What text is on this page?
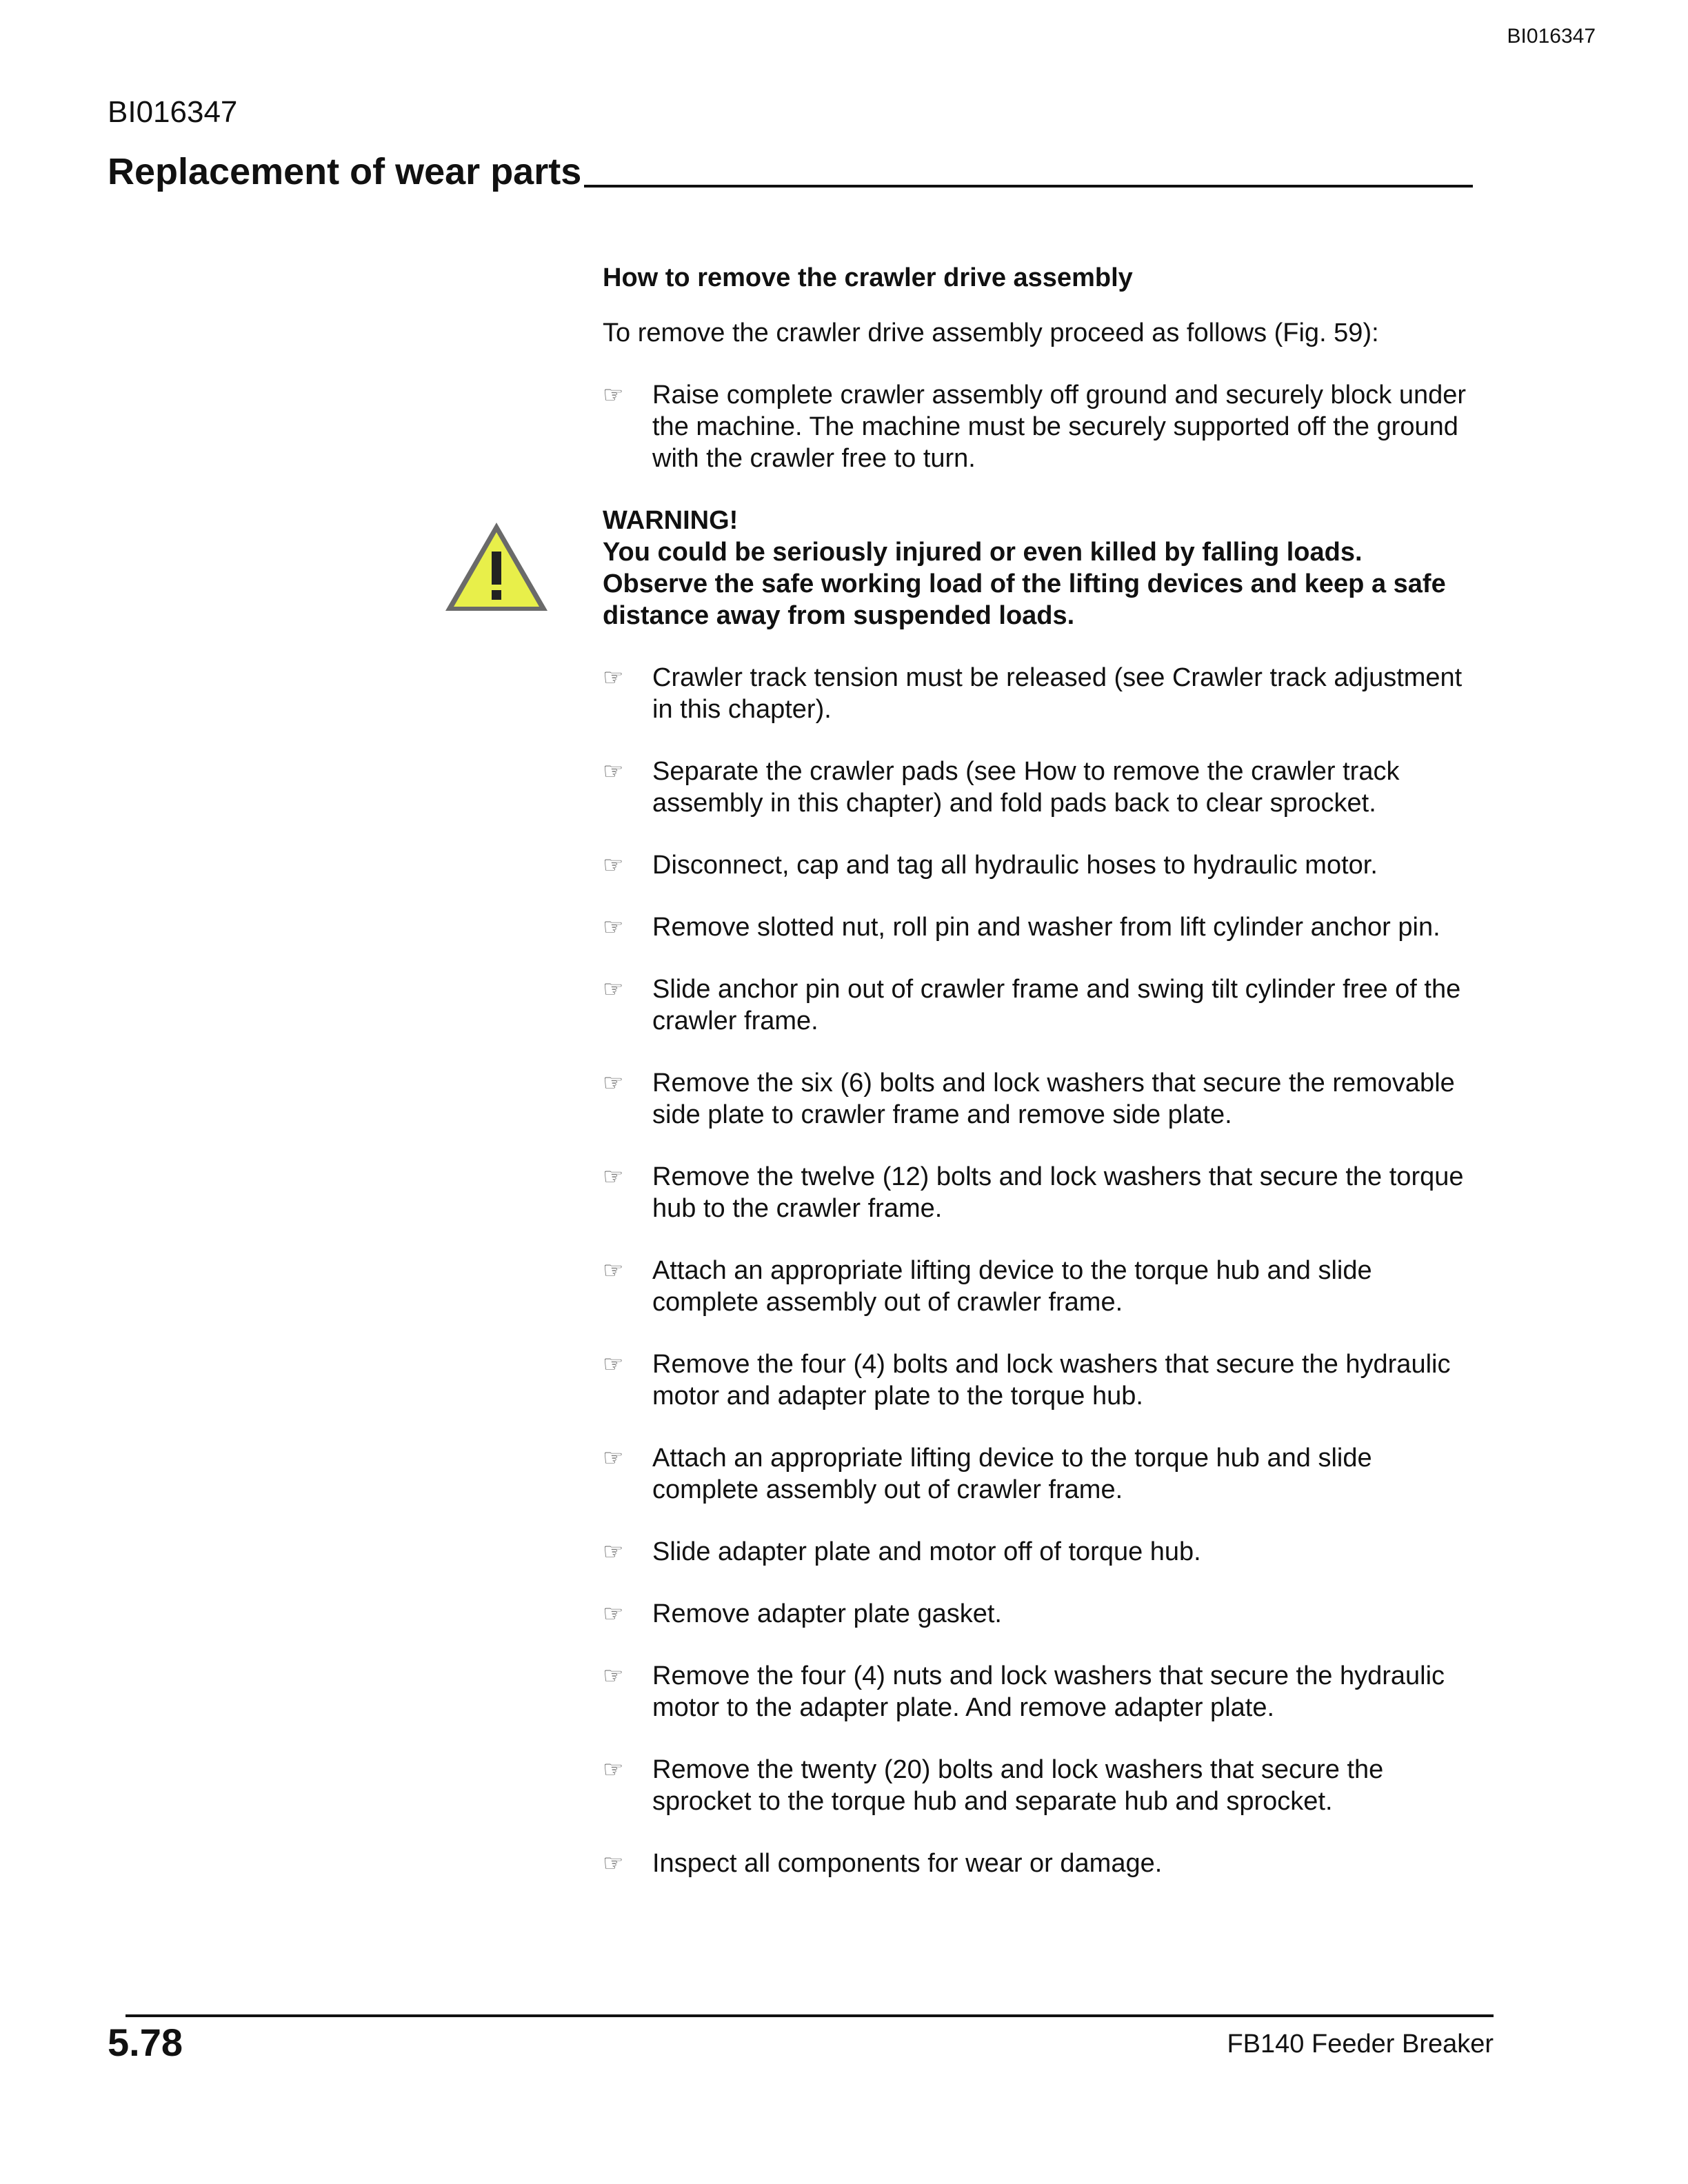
BI016347
BI016347
Replacement of wear parts
How to remove the crawler drive assembly
To remove the crawler drive assembly proceed as follows (Fig. 59):
☞	Raise complete crawler assembly off ground and securely block under the machine. The machine must be securely supported off the ground with the crawler free to turn.
WARNING!
You could be seriously injured or even killed by falling loads. Observe the safe working load of the lifting devices and keep a safe distance away from suspended loads.
☞	Crawler track tension must be released (see Crawler track adjustment in this chapter).
☞	Separate the crawler pads (see How to remove the crawler track assembly in this chapter) and fold pads back to clear sprocket.
☞	Disconnect, cap and tag all hydraulic hoses to hydraulic motor.
☞	Remove slotted nut, roll pin and washer from lift cylinder anchor pin.
☞	Slide anchor pin out of crawler frame and swing tilt cylinder free of the crawler frame.
☞	Remove the six (6) bolts and lock washers that secure the removable side plate to crawler frame and remove side plate.
☞	Remove the twelve (12) bolts and lock washers that secure the torque hub to the crawler frame.
☞	Attach an appropriate lifting device to the torque hub and slide complete assembly out of crawler frame.
☞	Remove the four (4) bolts and lock washers that secure the hydraulic motor and adapter plate to the torque hub.
☞	Attach an appropriate lifting device to the torque hub and slide complete assembly out of crawler frame.
☞	Slide adapter plate and motor off of torque hub.
☞	Remove adapter plate gasket.
☞	Remove the four (4) nuts and lock washers that secure the hydraulic motor to the adapter plate. And remove adapter plate.
☞	Remove the twenty (20) bolts and lock washers that secure the sprocket to the torque hub and separate hub and sprocket.
☞	Inspect all components for wear or damage.
5.78	FB140 Feeder Breaker
